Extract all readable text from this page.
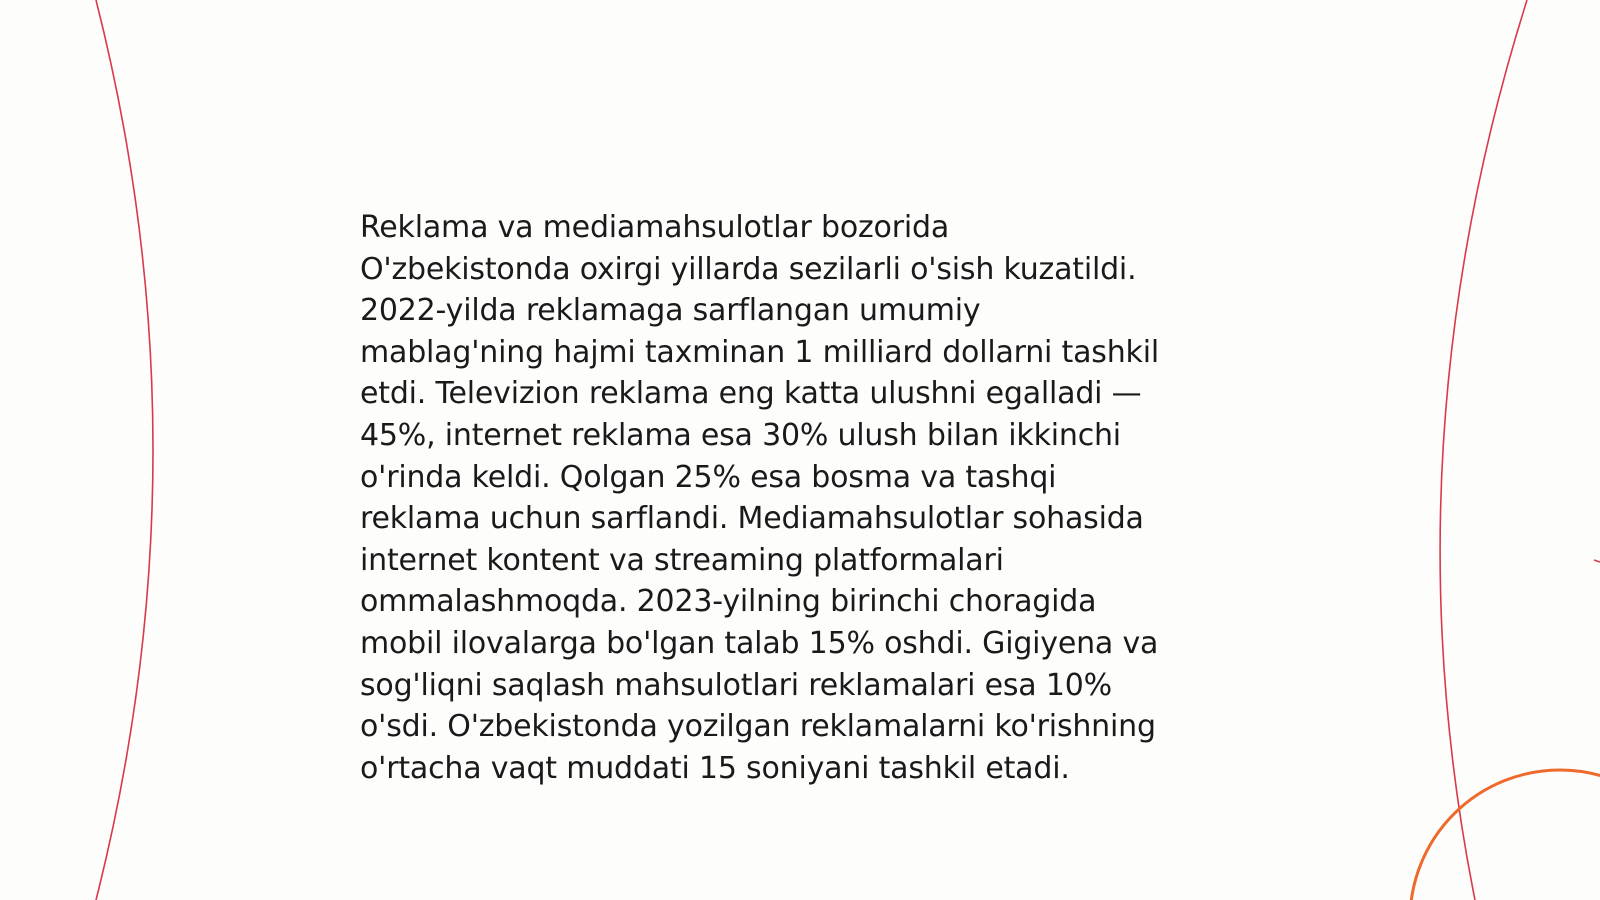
Reklama va mediamahsulotlar bozorida
O'zbekistonda oxirgi yillarda sezilarli o'sish kuzatildi.
2022-yilda reklamaga sarflangan umumiy
mablag'ning hajmi taxminan 1 milliard dollarni tashkil
etdi. Televizion reklama eng katta ulushni egalladi —
45%, internet reklama esa 30% ulush bilan ikkinchi
o'rinda keldi. Qolgan 25% esa bosma va tashqi
reklama uchun sarflandi. Mediamahsulotlar sohasida
internet kontent va streaming platformalari
ommalashmoqda. 2023-yilning birinchi choragida
mobil ilovalarga bo'lgan talab 15% oshdi. Gigiyena va
sog'liqni saqlash mahsulotlari reklamalari esa 10%
o'sdi. O'zbekistonda yozilgan reklamalarni ko'rishning
o'rtacha vaqt muddati 15 soniyani tashkil etadi.
